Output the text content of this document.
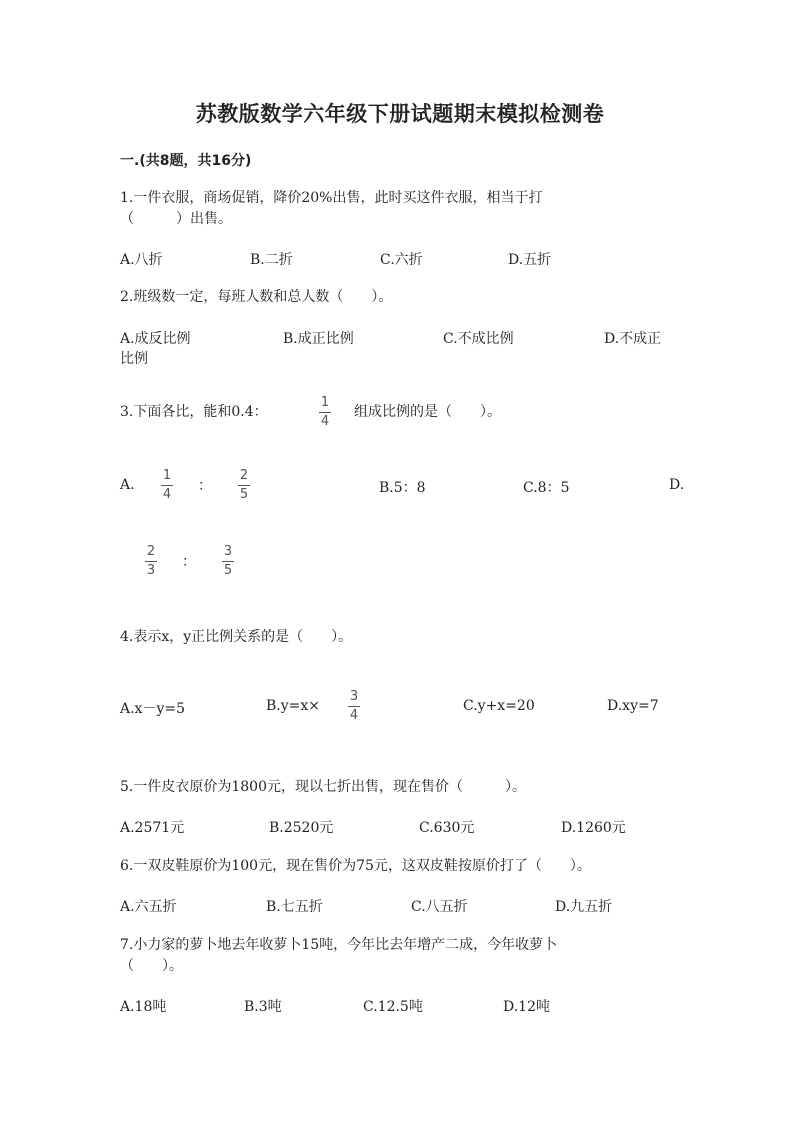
苏教版数学六年级下册试题期末模拟检测卷
一.(共8题，共16分)
1.一件衣服，商场促销，降价20%出售，此时买这件衣服，相当于打
（　　　）出售。
A.八折	B.二折	C.六折	D.五折
2.班级数一定，每班人数和总人数（　　）。
A.成反比例	B.成正比例	C.不成比例	D.不成正
比例
3.下面各比，能和0.4：
1
4
组成比例的是（　　）。
A.
1
4
：
2
5	B.5：8	C.8：5	D.
2
3
：
3
5
4.表示x，y正比例关系的是（　　）。
A.x－y=5	B.y=x×
3
4
C.y+x=20	D.xy=7
5.一件皮衣原价为1800元，现以七折出售，现在售价（　　　）。
A.2571元	B.2520元	C.630元	D.1260元
6.一双皮鞋原价为100元，现在售价为75元，这双皮鞋按原价打了（　　）。
A.六五折	B.七五折	C.八五折	D.九五折
7.小力家的萝卜地去年收萝卜15吨，今年比去年增产二成，今年收萝卜
（　　）。
A.18吨	B.3吨	C.12.5吨	D.12吨
